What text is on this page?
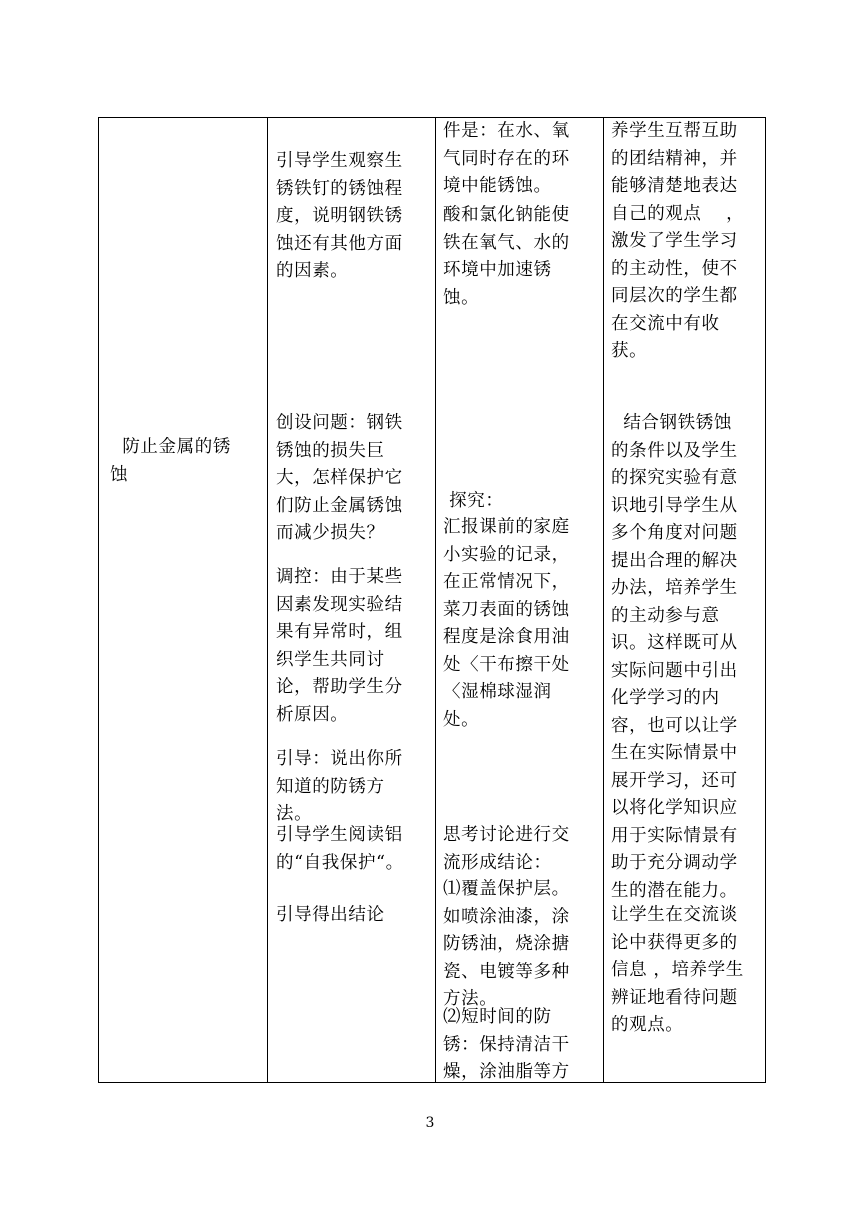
防止金属的锈
蚀

引导学生观察生
锈铁钉的锈蚀程
度，说明钢铁锈
蚀还有其他方面
的因素。
创设问题：钢铁
锈蚀的损失巨
大，怎样保护它
们防止金属锈蚀
而减少损失？
调控：由于某些
因素发现实验结
果有异常时，组
织学生共同讨
论，帮助学生分
析原因。
引导：说出你所
知道的防锈方
法。
引导学生阅读铝
的“自我保护“。
引导得出结论

件是：在水、氧
气同时存在的环
境中能锈蚀。
酸和氯化钠能使
铁在氧气、水的
环境中加速锈
蚀。
探究：
汇报课前的家庭
小实验的记录，
在正常情况下，
菜刀表面的锈蚀
程度是涂食用油
处〈干布擦干处
〈湿棉球湿润
处。
思考讨论进行交
流形成结论：
⑴覆盖保护层。
如喷涂油漆，涂
防锈油，烧涂搪
瓷、电镀等多种
方法。
⑵短时间的防
锈：保持清洁干
燥，涂油脂等方

养学生互帮互助
的团结精神，并
能够清楚地表达
自己的观点    ，
激发了学生学习
的主动性，使不
同层次的学生都
在交流中有收
获。
结合钢铁锈蚀
的条件以及学生
的探究实验有意
识地引导学生从
多个角度对问题
提出合理的解决
办法，培养学生
的主动参与意
识。这样既可从
实际问题中引出
化学学习的内
容，也可以让学
生在实际情景中
展开学习，还可
以将化学知识应
用于实际情景有
助于充分调动学
生的潜在能力。
让学生在交流谈
论中获得更多的
信息 ，培养学生
辨证地看待问题
的观点。
3
